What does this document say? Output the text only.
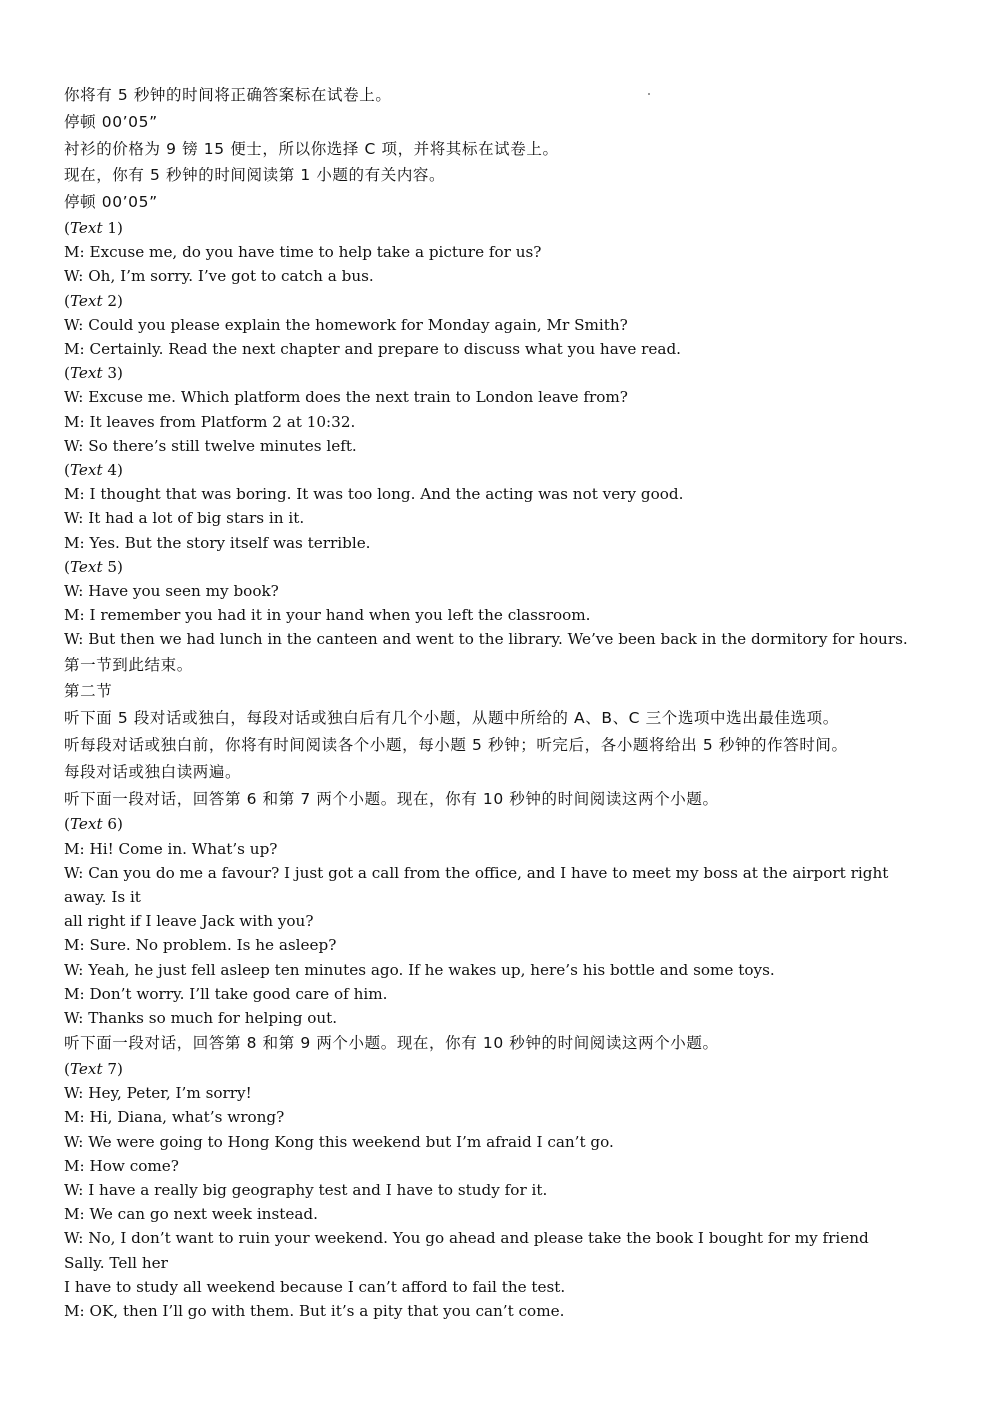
你将有 5 秒钟的时间将正确答案标在试卷上。

停顿 00’05”

衬衫的价格为 9 镑 15 便士，所以你选择 C 项，并将其标在试卷上。

现在，你有 5 秒钟的时间阅读第 1 小题的有关内容。

停顿 00’05”

(Text 1)

M: Excuse me, do you have time to help take a picture for us?

W: Oh, I’m sorry. I’ve got to catch a bus.

(Text 2)

W: Could you please explain the homework for Monday again, Mr Smith?

M: Certainly. Read the next chapter and prepare to discuss what you have read.

(Text 3)

W: Excuse me. Which platform does the next train to London leave from?

M: It leaves from Platform 2 at 10:32.

W: So there’s still twelve minutes left.

(Text 4)

M: I thought that was boring. It was too long. And the acting was not very good.

W: It had a lot of big stars in it.

M: Yes. But the story itself was terrible.

(Text 5)

W: Have you seen my book?

M: I remember you had it in your hand when you left the classroom.

W: But then we had lunch in the canteen and went to the library. We’ve been back in the dormitory for hours.

第一节到此结束。

第二节

听下面 5 段对话或独白，每段对话或独白后有几个小题，从题中所给的 A、B、C 三个选项中选出最佳选项。

听每段对话或独白前，你将有时间阅读各个小题，每小题 5 秒钟；听完后，各小题将给出 5 秒钟的作答时间。

每段对话或独白读两遍。

听下面一段对话，回答第 6 和第 7 两个小题。现在，你有 10 秒钟的时间阅读这两个小题。

(Text 6)

M: Hi! Come in. What’s up?

W: Can you do me a favour? I just got a call from the office, and I have to meet my boss at the airport right away. Is it

all right if I leave Jack with you?

M: Sure. No problem. Is he asleep?

W: Yeah, he just fell asleep ten minutes ago. If he wakes up, here’s his bottle and some toys.

M: Don’t worry. I’ll take good care of him.

W: Thanks so much for helping out.

听下面一段对话，回答第 8 和第 9 两个小题。现在，你有 10 秒钟的时间阅读这两个小题。

(Text 7)

W: Hey, Peter, I’m sorry!

M: Hi, Diana, what’s wrong?

W: We were going to Hong Kong this weekend but I’m afraid I can’t go.

M: How come?

W: I have a really big geography test and I have to study for it.

M: We can go next week instead.

W: No, I don’t want to ruin your weekend. You go ahead and please take the book I bought for my friend Sally. Tell her

I have to study all weekend because I can’t afford to fail the test.

M: OK, then I’ll go with them. But it’s a pity that you can’t come.
